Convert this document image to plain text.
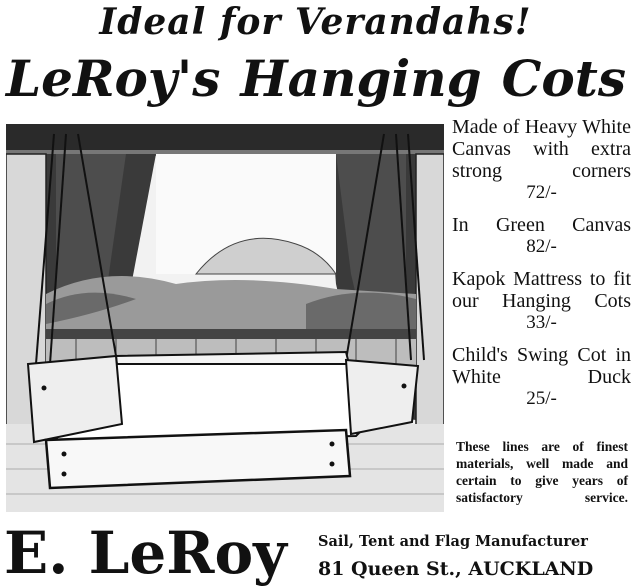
Ideal for Verandahs!
LeRoy's Hanging Cots
Made of Heavy White Canvas with extra strong corners
72/-
In Green Canvas
82/-
Kapok Mattress to fit our Hanging Cots
33/-
Child's Swing Cot in White Duck
25/-
These lines are of finest materials, well made and certain to give years of satisfactory service.
E. LeRoy Sail, Tent and Flag Manufacturer
81 Queen St., AUCKLAND
